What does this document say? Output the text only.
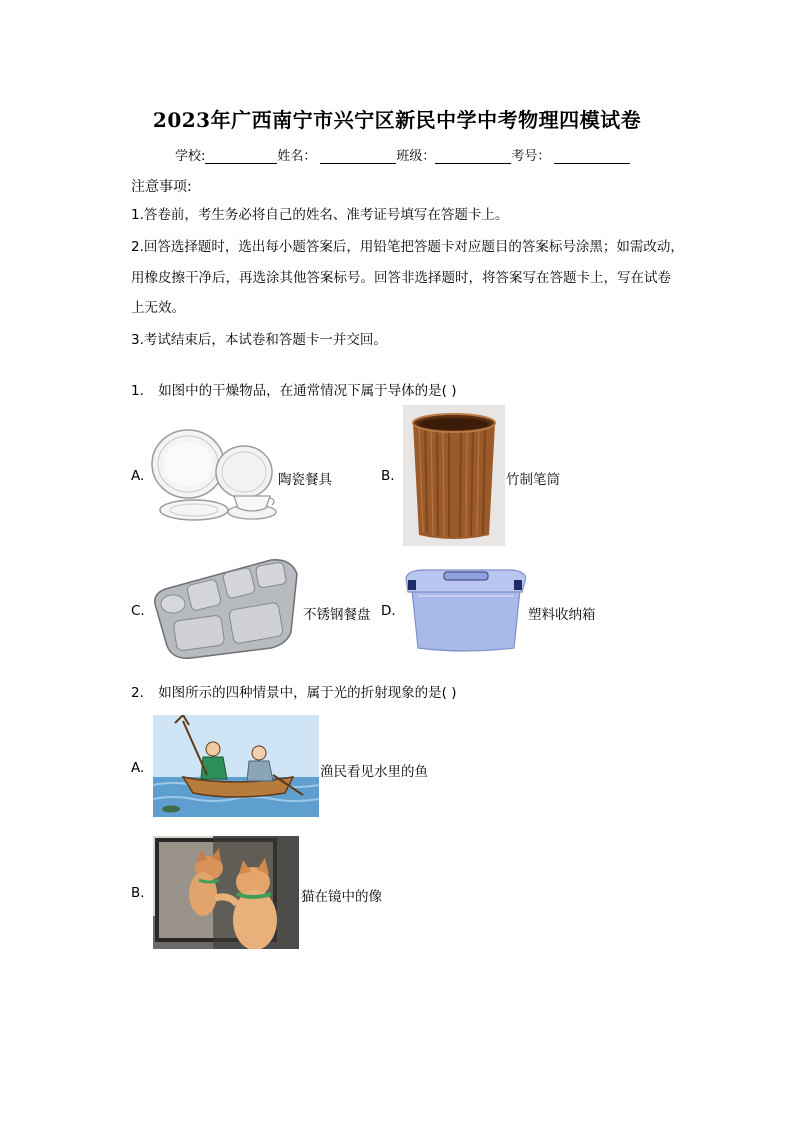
2023年广西南宁市兴宁区新民中学中考物理四模试卷
学校:	姓名：	班级：	考号：
注意事项:
1.答卷前，考生务必将自己的姓名、准考证号填写在答题卡上。
2.回答选择题时，选出每小题答案后，用铅笔把答题卡对应题目的答案标号涂黑；如需改动，
用橡皮擦干净后，再选涂其他答案标号。回答非选择题时，将答案写在答题卡上，写在试卷
上无效。
3.考试结束后，本试卷和答题卡一并交回。
1. 如图中的干燥物品，在通常情况下属于导体的是( )
A.	陶瓷餐具	B.	竹制笔筒
C.	不锈钢餐盘 D.	塑料收纳箱
2. 如图所示的四种情景中，属于光的折射现象的是( )
A.	渔民看见水里的鱼
B.	猫在镜中的像
